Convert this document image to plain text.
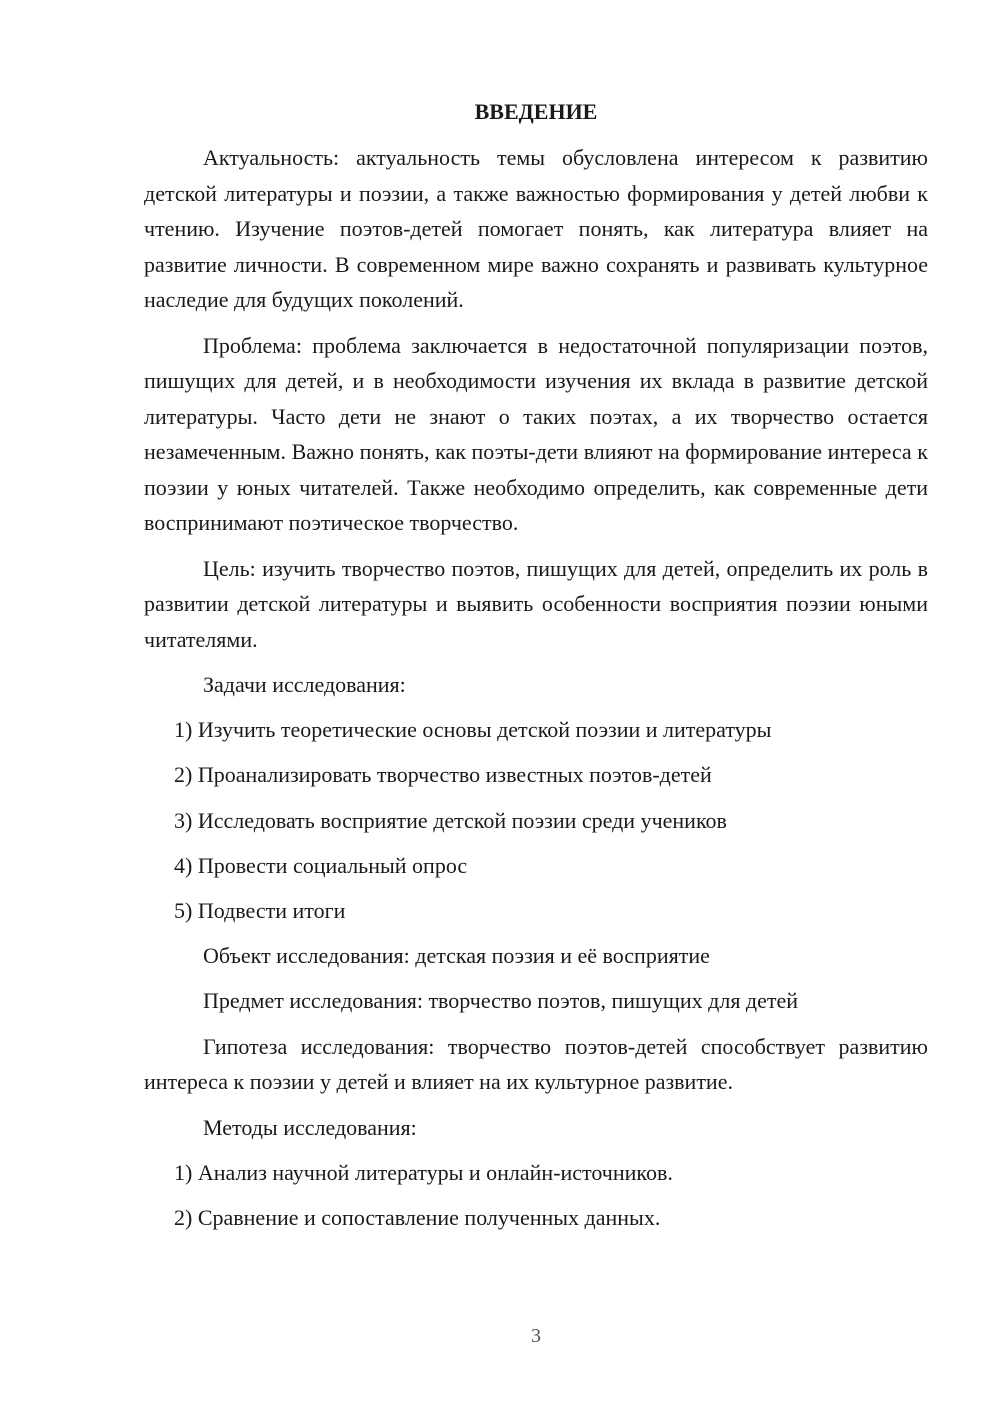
ВВЕДЕНИЕ

Актуальность: актуальность темы обусловлена интересом к развитию детской литературы и поэзии, а также важностью формирования у детей любви к чтению. Изучение поэтов-детей помогает понять, как литература влияет на развитие личности. В современном мире важно сохранять и развивать культурное наследие для будущих поколений.

Проблема: проблема заключается в недостаточной популяризации поэтов, пишущих для детей, и в необходимости изучения их вклада в развитие детской литературы. Часто дети не знают о таких поэтах, а их творчество остается незамеченным. Важно понять, как поэты-дети влияют на формирование интереса к поэзии у юных читателей. Также необходимо определить, как современные дети воспринимают поэтическое творчество.

Цель: изучить творчество поэтов, пишущих для детей, определить их роль в развитии детской литературы и выявить особенности восприятия поэзии юными читателями.

Задачи исследования:
1) Изучить теоретические основы детской поэзии и литературы
2) Проанализировать творчество известных поэтов-детей
3) Исследовать восприятие детской поэзии среди учеников
4) Провести социальный опрос
5) Подвести итоги
Объект исследования: детская поэзия и её восприятие
Предмет исследования: творчество поэтов, пишущих для детей

Гипотеза исследования: творчество поэтов-детей способствует развитию интереса к поэзии у детей и влияет на их культурное развитие.

Методы исследования:
1) Анализ научной литературы и онлайн-источников.
2) Сравнение и сопоставление полученных данных.
3
